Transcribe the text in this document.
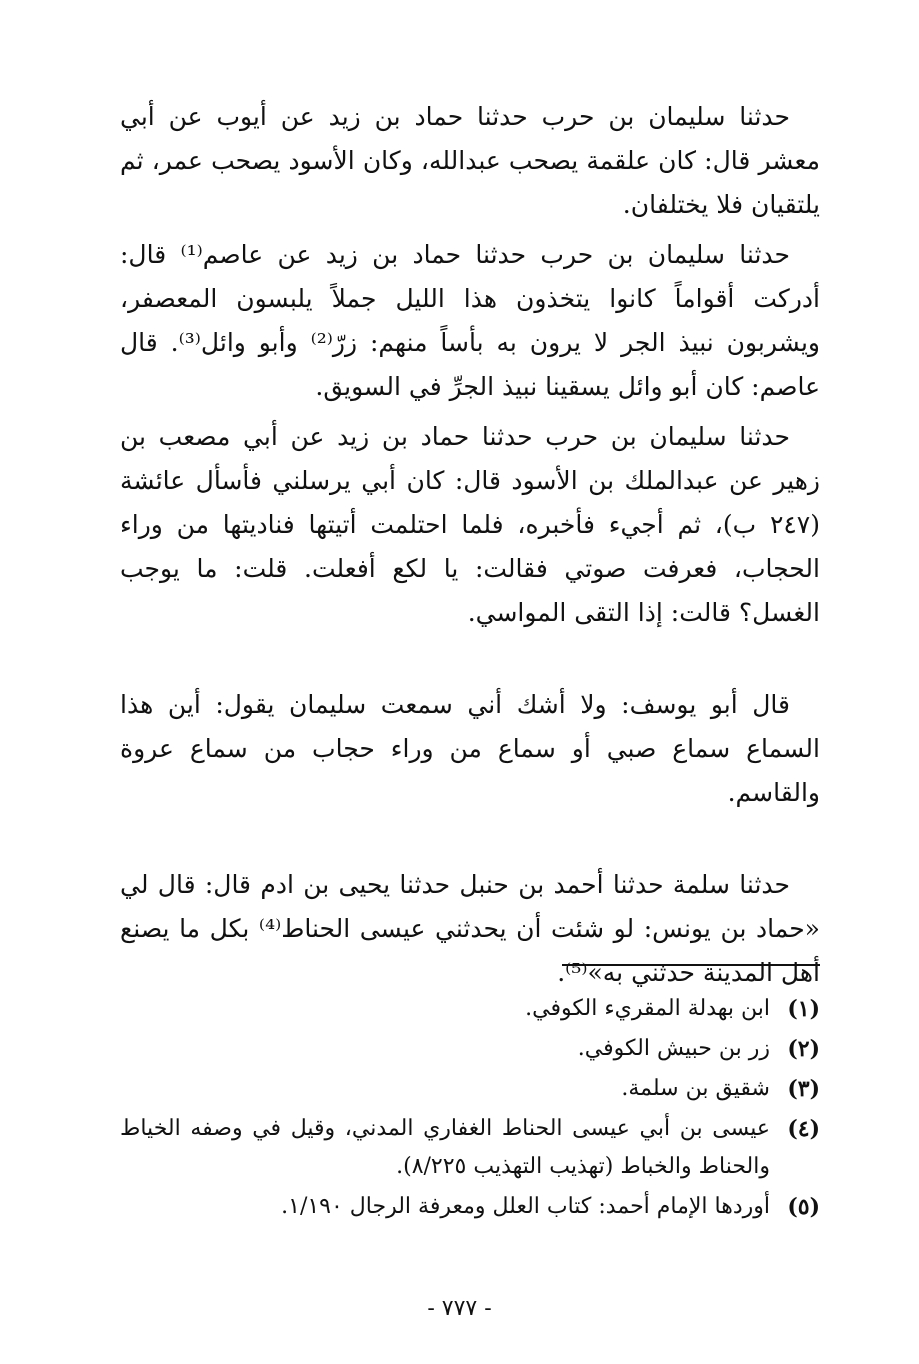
حدثنا سليمان بن حرب حدثنا حماد بن زيد عن أيوب عن أبي معشر قال: كان علقمة يصحب عبدالله، وكان الأسود يصحب عمر، ثم يلتقيان فلا يختلفان.

حدثنا سليمان بن حرب حدثنا حماد بن زيد عن عاصم⁽¹⁾ قال: أدركت أقواماً كانوا يتخذون هذا الليل جملاً يلبسون المعصفر، ويشربون نبيذ الجر لا يرون به بأساً منهم: زرّ⁽²⁾ وأبو وائل⁽³⁾. قال عاصم: كان أبو وائل يسقينا نبيذ الجرِّ في السويق.

حدثنا سليمان بن حرب حدثنا حماد بن زيد عن أبي مصعب بن زهير عن عبدالملك بن الأسود قال: كان أبي يرسلني فأسأل عائشة (٢٤٧ ب)، ثم أجيء فأخبره، فلما احتلمت أتيتها فناديتها من وراء الحجاب، فعرفت صوتي فقالت: يا لكع أفعلت. قلت: ما يوجب الغسل؟ قالت: إذا التقى المواسي.

قال أبو يوسف: ولا أشك أني سمعت سليمان يقول: أين هذا السماع سماع صبي أو سماع من وراء حجاب من سماع عروة والقاسم.

حدثنا سلمة حدثنا أحمد بن حنبل حدثنا يحيى بن ادم قال: قال لي «حماد بن يونس: لو شئت أن يحدثني عيسى الحناط⁽⁴⁾ بكل ما يصنع أهل المدينة حدثني به»⁽⁵⁾.

(١)
ابن بهدلة المقريء الكوفي.
(٢)
زر بن حبيش الكوفي.
(٣)
شقيق بن سلمة.
(٤)
عيسى بن أبي عيسى الحناط الغفاري المدني، وقيل في وصفه الخياط والحناط والخباط (تهذيب التهذيب ٨/٢٢٥).
(٥)
أوردها الإمام أحمد: كتاب العلل ومعرفة الرجال ١/١٩٠.
- ٧٧٧ -
